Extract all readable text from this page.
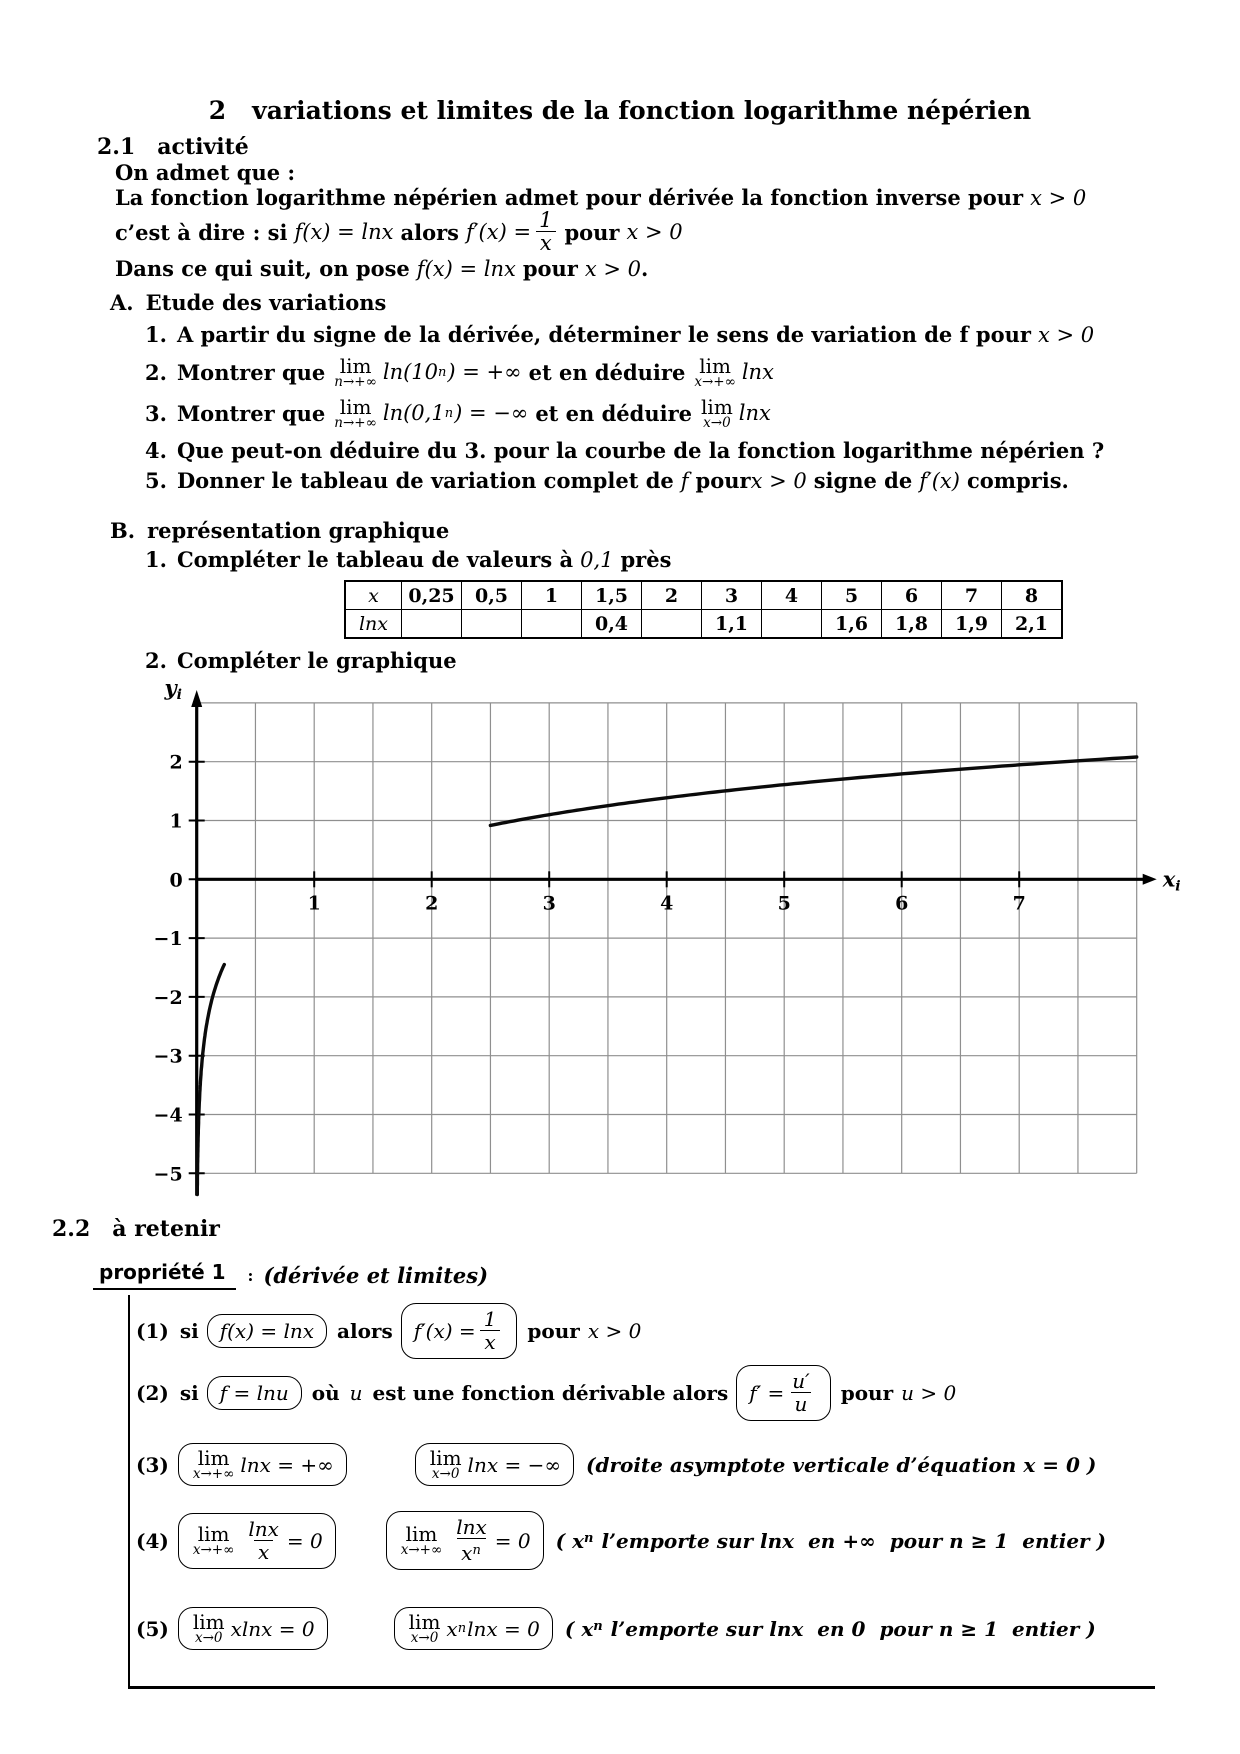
2 variations et limites de la fonction logarithme népérien
2.1 activité
On admet que :
La fonction logarithme népérien admet pour dérivée la fonction inverse pour x > 0
c’est à dire : si f(x) = lnx alors $f'(x) = \frac{1}{x}$ pour x > 0
Dans ce qui suit, on pose f(x) = lnx pour x > 0 .
A. Etude des variations
1. A partir du signe de la dérivée, déterminer le sens de variation de f pour x > 0
2. Montrer que lim
n→+∞ ln(10 n ) = +∞ et en déduire lim
x→+∞ lnx
3. Montrer que lim
n→+∞ ln(0,1 n ) = −∞ et en déduire lim
x→0 lnx
4. Que peut-on déduire du 3. pour la courbe de la fonction logarithme népérien ?
5. Donner le tableau de variation complet de f pour x > 0 signe de f′(x) compris.
B. représentation graphique
1. Compléter le tableau de valeurs à 0,1 près
x	0,25	0,5	1	1,5	2	3	4	5	6	7	8
lnx				0,4		1,1		1,6	1,8	1,9	2,1
2. Compléter le graphique
1	2	3	4	5	6	7
2
1
0
−1
−2
−3
−4
−5
yi
xi
2.2 à retenir
propriété 1	: (dérivée et limites)
(1) si f(x) = lnx alors $f'(x) = \frac{1}{x}$ pour x > 0
(2) si f = lnu où u est une fonction dérivable alors $f' = \frac{u'}{u}$ pour u > 0
(3) lim
x→+∞ lnx = +∞	lim
x→0 lnx = −∞ (droite asymptote verticale d’équation x = 0 )
(4) lim
$x\to+\infty \frac{\ln x}{x} = 0$	lim
$x\to+\infty \frac{\ln x}{x^n} = 0$ ( $x^n$ l’emporte sur lnx en +∞ pour n ≥ 1 entier )
(5) lim
x→0 xlnx = 0	lim
x→0 x n lnx = 0 ( $x^n$ l’emporte sur lnx en 0 pour n ≥ 1 entier )
